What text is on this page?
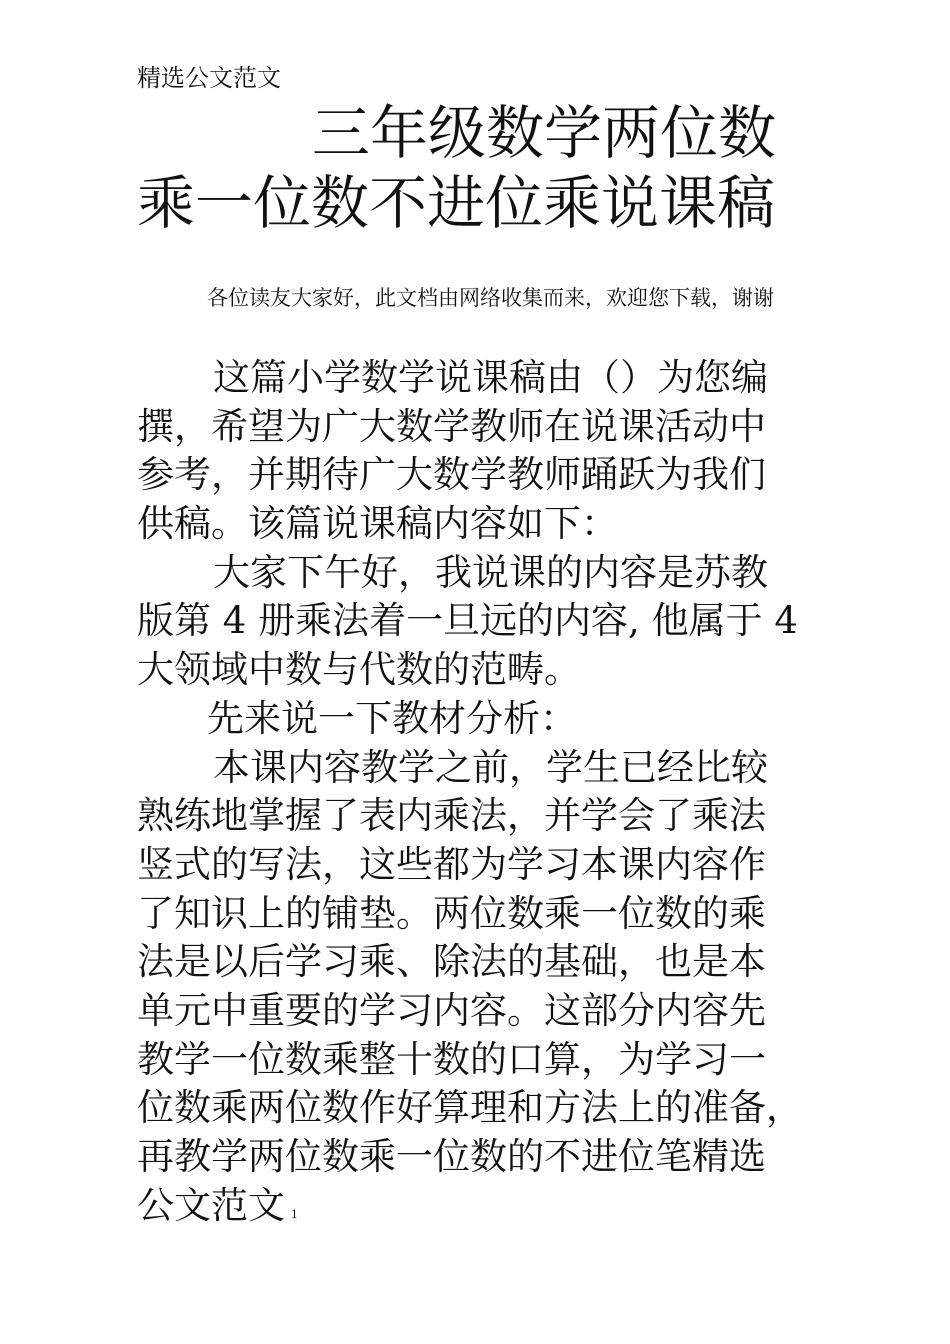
精选公文范文
三年级数学两位数
乘一位数不进位乘说课稿
各位读友大家好，此文档由网络收集而来，欢迎您下载，谢谢
这篇小学数学说课稿由（）为您编
撰，希望为广大数学教师在说课活动中
参考，并期待广大数学教师踊跃为我们
供稿。该篇说课稿内容如下：
大家下午好，我说课的内容是苏教
版第 4 册乘法着一旦远的内容, 他属于 4
大领域中数与代数的范畴。
先来说一下教材分析：
本课内容教学之前，学生已经比较
熟练地掌握了表内乘法，并学会了乘法
竖式的写法，这些都为学习本课内容作
了知识上的铺垫。两位数乘一位数的乘
法是以后学习乘、除法的基础，也是本
单元中重要的学习内容。这部分内容先
教学一位数乘整十数的口算，为学习一
位数乘两位数作好算理和方法上的准备，
再教学两位数乘一位数的不进位笔精选
公文范文 1
